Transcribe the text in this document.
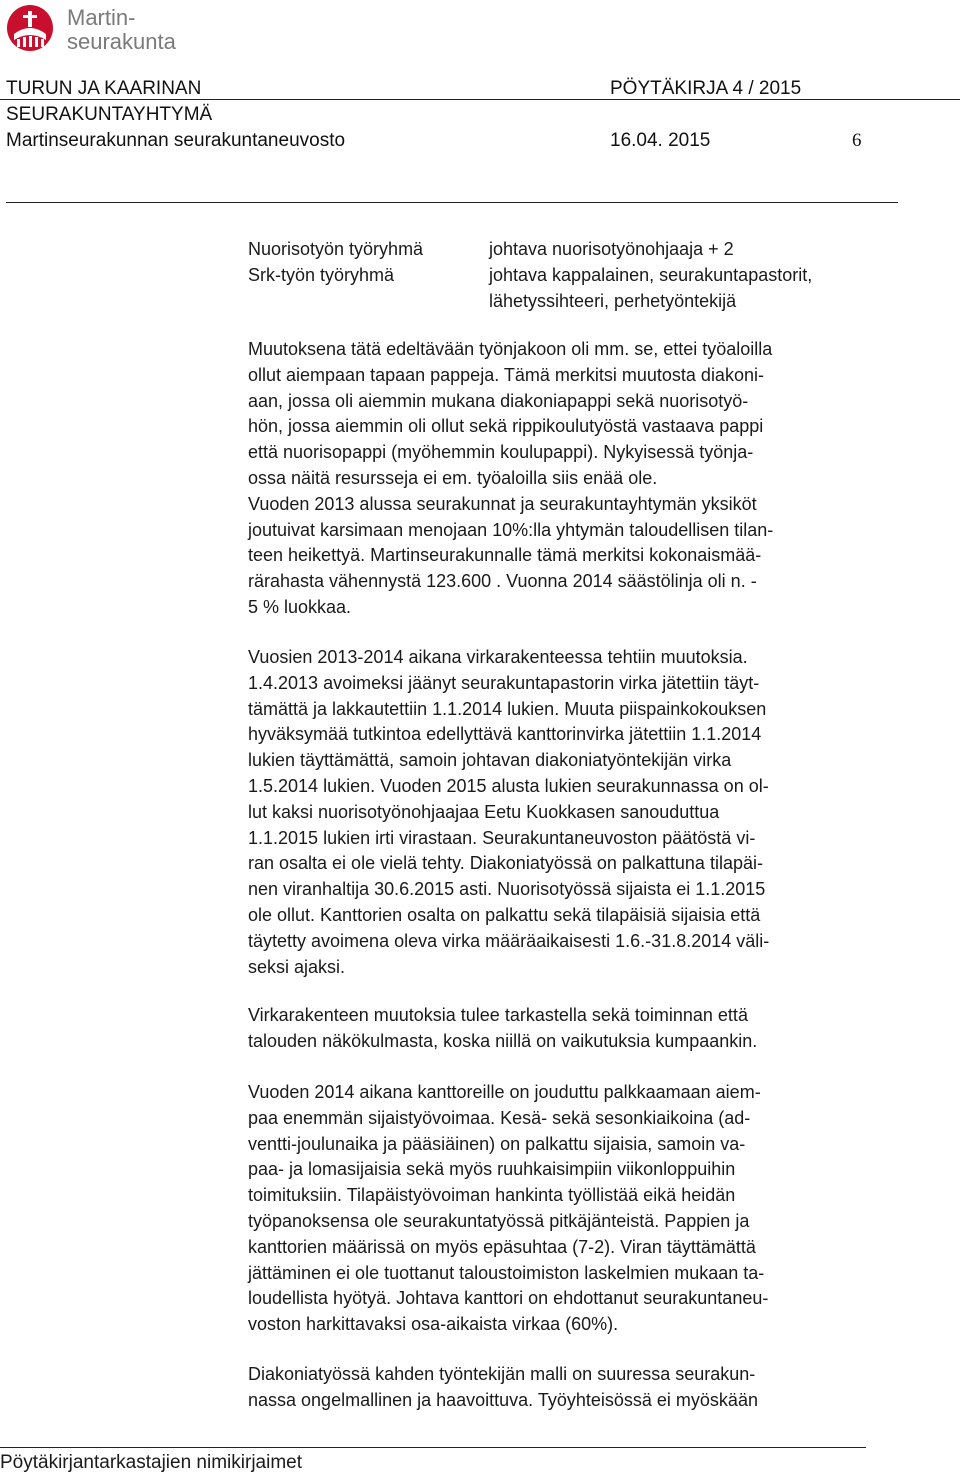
Martin-
seurakunta
TURUN JA KAARINAN	PÖYTÄKIRJA 4 / 2015
SEURAKUNTAYHTYMÄ
Martinseurakunnan seurakuntaneuvosto	16.04. 2015	6
Nuorisotyön työryhmä	johtava nuorisotyönohjaaja + 2
Srk-työn työryhmä	johtava kappalainen, seurakuntapastorit,
lähetyssihteeri, perhetyöntekijä
Muutoksena tätä edeltävään työnjakoon oli mm. se, ettei työaloilla
ollut aiempaan tapaan pappeja. Tämä merkitsi muutosta diakoni-
aan, jossa oli aiemmin mukana diakoniapappi sekä nuorisotyö-
hön, jossa aiemmin oli ollut sekä rippikoulutyöstä vastaava pappi
että nuorisopappi (myöhemmin koulupappi). Nykyisessä työnja-
ossa näitä resursseja ei em. työaloilla siis enää ole.
Vuoden 2013 alussa seurakunnat ja seurakuntayhtymän yksiköt
joutuivat karsimaan menojaan 10%:lla yhtymän taloudellisen tilan-
teen heikettyä. Martinseurakunnalle tämä merkitsi kokonaismää-
rärahasta vähennystä 123.600 . Vuonna 2014 säästölinja oli n. -
5 % luokkaa.
Vuosien 2013-2014 aikana virkarakenteessa tehtiin muutoksia.
1.4.2013 avoimeksi jäänyt seurakuntapastorin virka jätettiin täyt-
tämättä ja lakkautettiin 1.1.2014 lukien. Muuta piispainkokouksen
hyväksymää tutkintoa edellyttävä kanttorinvirka jätettiin 1.1.2014
lukien täyttämättä, samoin johtavan diakoniatyöntekijän virka
1.5.2014 lukien. Vuoden 2015 alusta lukien seurakunnassa on ol-
lut kaksi nuorisotyönohjaajaa Eetu Kuokkasen sanouduttua
1.1.2015 lukien irti virastaan. Seurakuntaneuvoston päätöstä vi-
ran osalta ei ole vielä tehty. Diakoniatyössä on palkattuna tilapäi-
nen viranhaltija 30.6.2015 asti. Nuorisotyössä sijaista ei 1.1.2015
ole ollut. Kanttorien osalta on palkattu sekä tilapäisiä sijaisia että
täytetty avoimena oleva virka määräaikaisesti 1.6.-31.8.2014 väli-
seksi ajaksi.
Virkarakenteen muutoksia tulee tarkastella sekä toiminnan että
talouden näkökulmasta, koska niillä on vaikutuksia kumpaankin.
Vuoden 2014 aikana kanttoreille on jouduttu palkkaamaan aiem-
paa enemmän sijaistyövoimaa. Kesä- sekä sesonkiaikoina (ad-
ventti-joulunaika ja pääsiäinen) on palkattu sijaisia, samoin va-
paa- ja lomasijaisia sekä myös ruuhkaisimpiin viikonloppuihin
toimituksiin. Tilapäistyövoiman hankinta työllistää eikä heidän
työpanoksensa ole seurakuntatyössä pitkäjänteistä. Pappien ja
kanttorien määrissä on myös epäsuhtaa (7-2). Viran täyttämättä
jättäminen ei ole tuottanut taloustoimiston laskelmien mukaan ta-
loudellista hyötyä. Johtava kanttori on ehdottanut seurakuntaneu-
voston harkittavaksi osa-aikaista virkaa (60%).
Diakoniatyössä kahden työntekijän malli on suuressa seurakun-
nassa ongelmallinen ja haavoittuva. Työyhteisössä ei myöskään
Pöytäkirjantarkastajien nimikirjaimet
